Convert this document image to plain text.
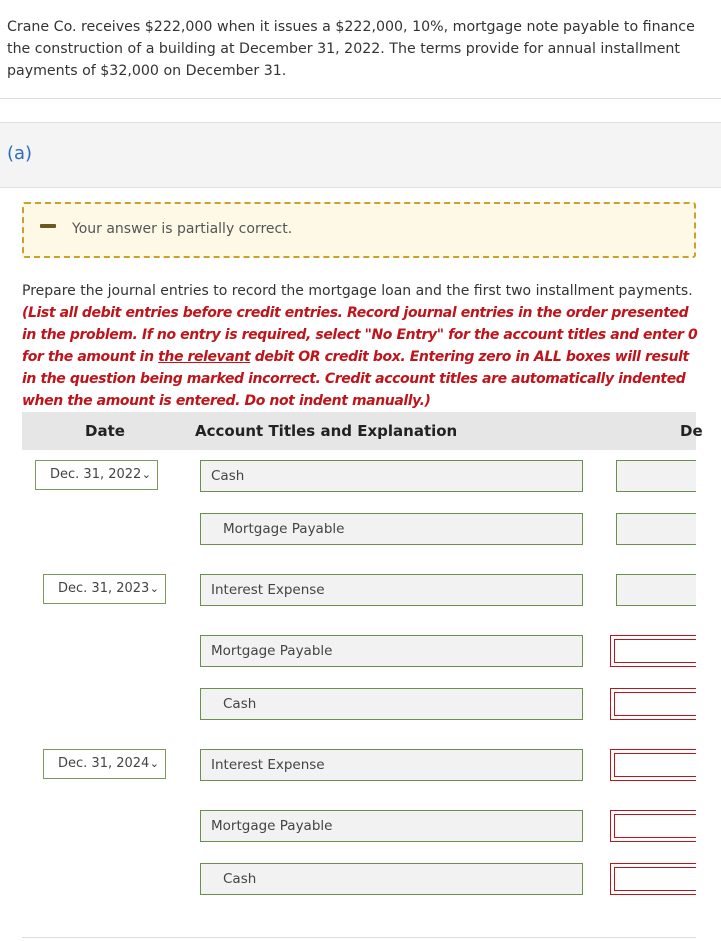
Crane Co. receives $222,000 when it issues a $222,000, 10%, mortgage note payable to finance the construction of a building at December 31, 2022. The terms provide for annual installment payments of $32,000 on December 31.
(a)
Your answer is partially correct.
Prepare the journal entries to record the mortgage loan and the first two installment payments. (List all debit entries before credit entries. Record journal entries in the order presented in the problem. If no entry is required, select "No Entry" for the account titles and enter 0 for the amount in the relevant debit OR credit box. Entering zero in ALL boxes will result in the question being marked incorrect. Credit account titles are automatically indented when the amount is entered. Do not indent manually.)
Date	Account Titles and Explanation	De
Dec. 31, 2022 ⌄	Cash
Mortgage Payable
Dec. 31, 2023 ⌄	Interest Expense
Mortgage Payable
Cash
Dec. 31, 2024 ⌄	Interest Expense
Mortgage Payable
Cash
